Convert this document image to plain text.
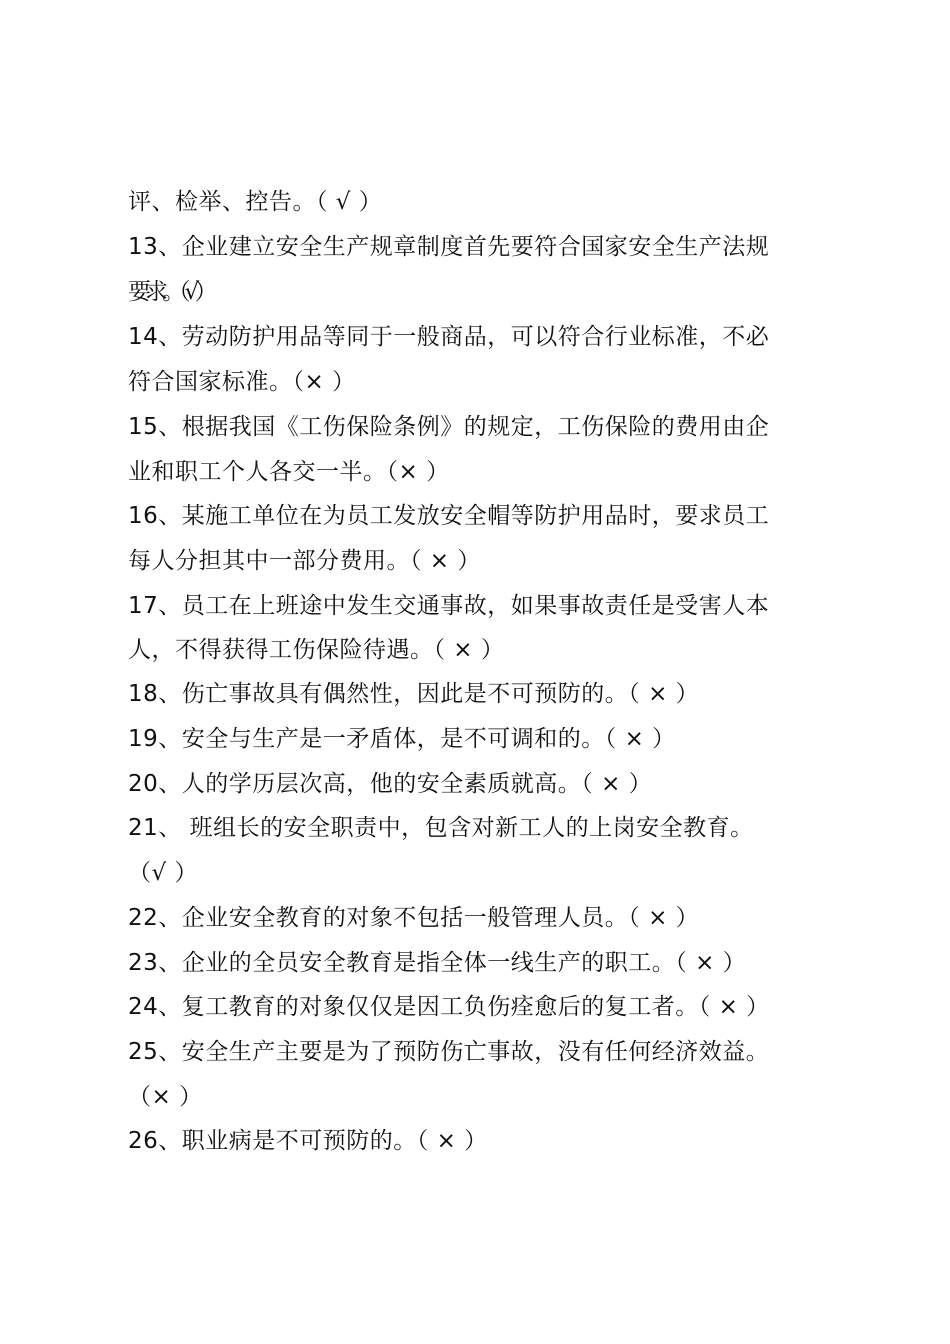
评、检举、控告。（ √ ）
13、企业建立安全生产规章制度首先要符合国家安全生产法规
要求。（√ ）
14、劳动防护用品等同于一般商品，可以符合行业标准，不必
符合国家标准。（× ）
15、根据我国《工伤保险条例》的规定，工伤保险的费用由企
业和职工个人各交一半。（× ）
16、某施工单位在为员工发放安全帽等防护用品时，要求员工
每人分担其中一部分费用。（ × ）
17、员工在上班途中发生交通事故，如果事故责任是受害人本
人，不得获得工伤保险待遇。（ × ）
18、伤亡事故具有偶然性，因此是不可预防的。（ × ）
19、安全与生产是一矛盾体，是不可调和的。（ × ）
20、人的学历层次高，他的安全素质就高。（ × ）
21、 班组长的安全职责中，包含对新工人的上岗安全教育。
（√ ）
22、企业安全教育的对象不包括一般管理人员。（ × ）
23、企业的全员安全教育是指全体一线生产的职工。（ × ）
24、复工教育的对象仅仅是因工负伤痊愈后的复工者。（ × ）
25、安全生产主要是为了预防伤亡事故，没有任何经济效益。
（× ）
26、职业病是不可预防的。（ × ）
